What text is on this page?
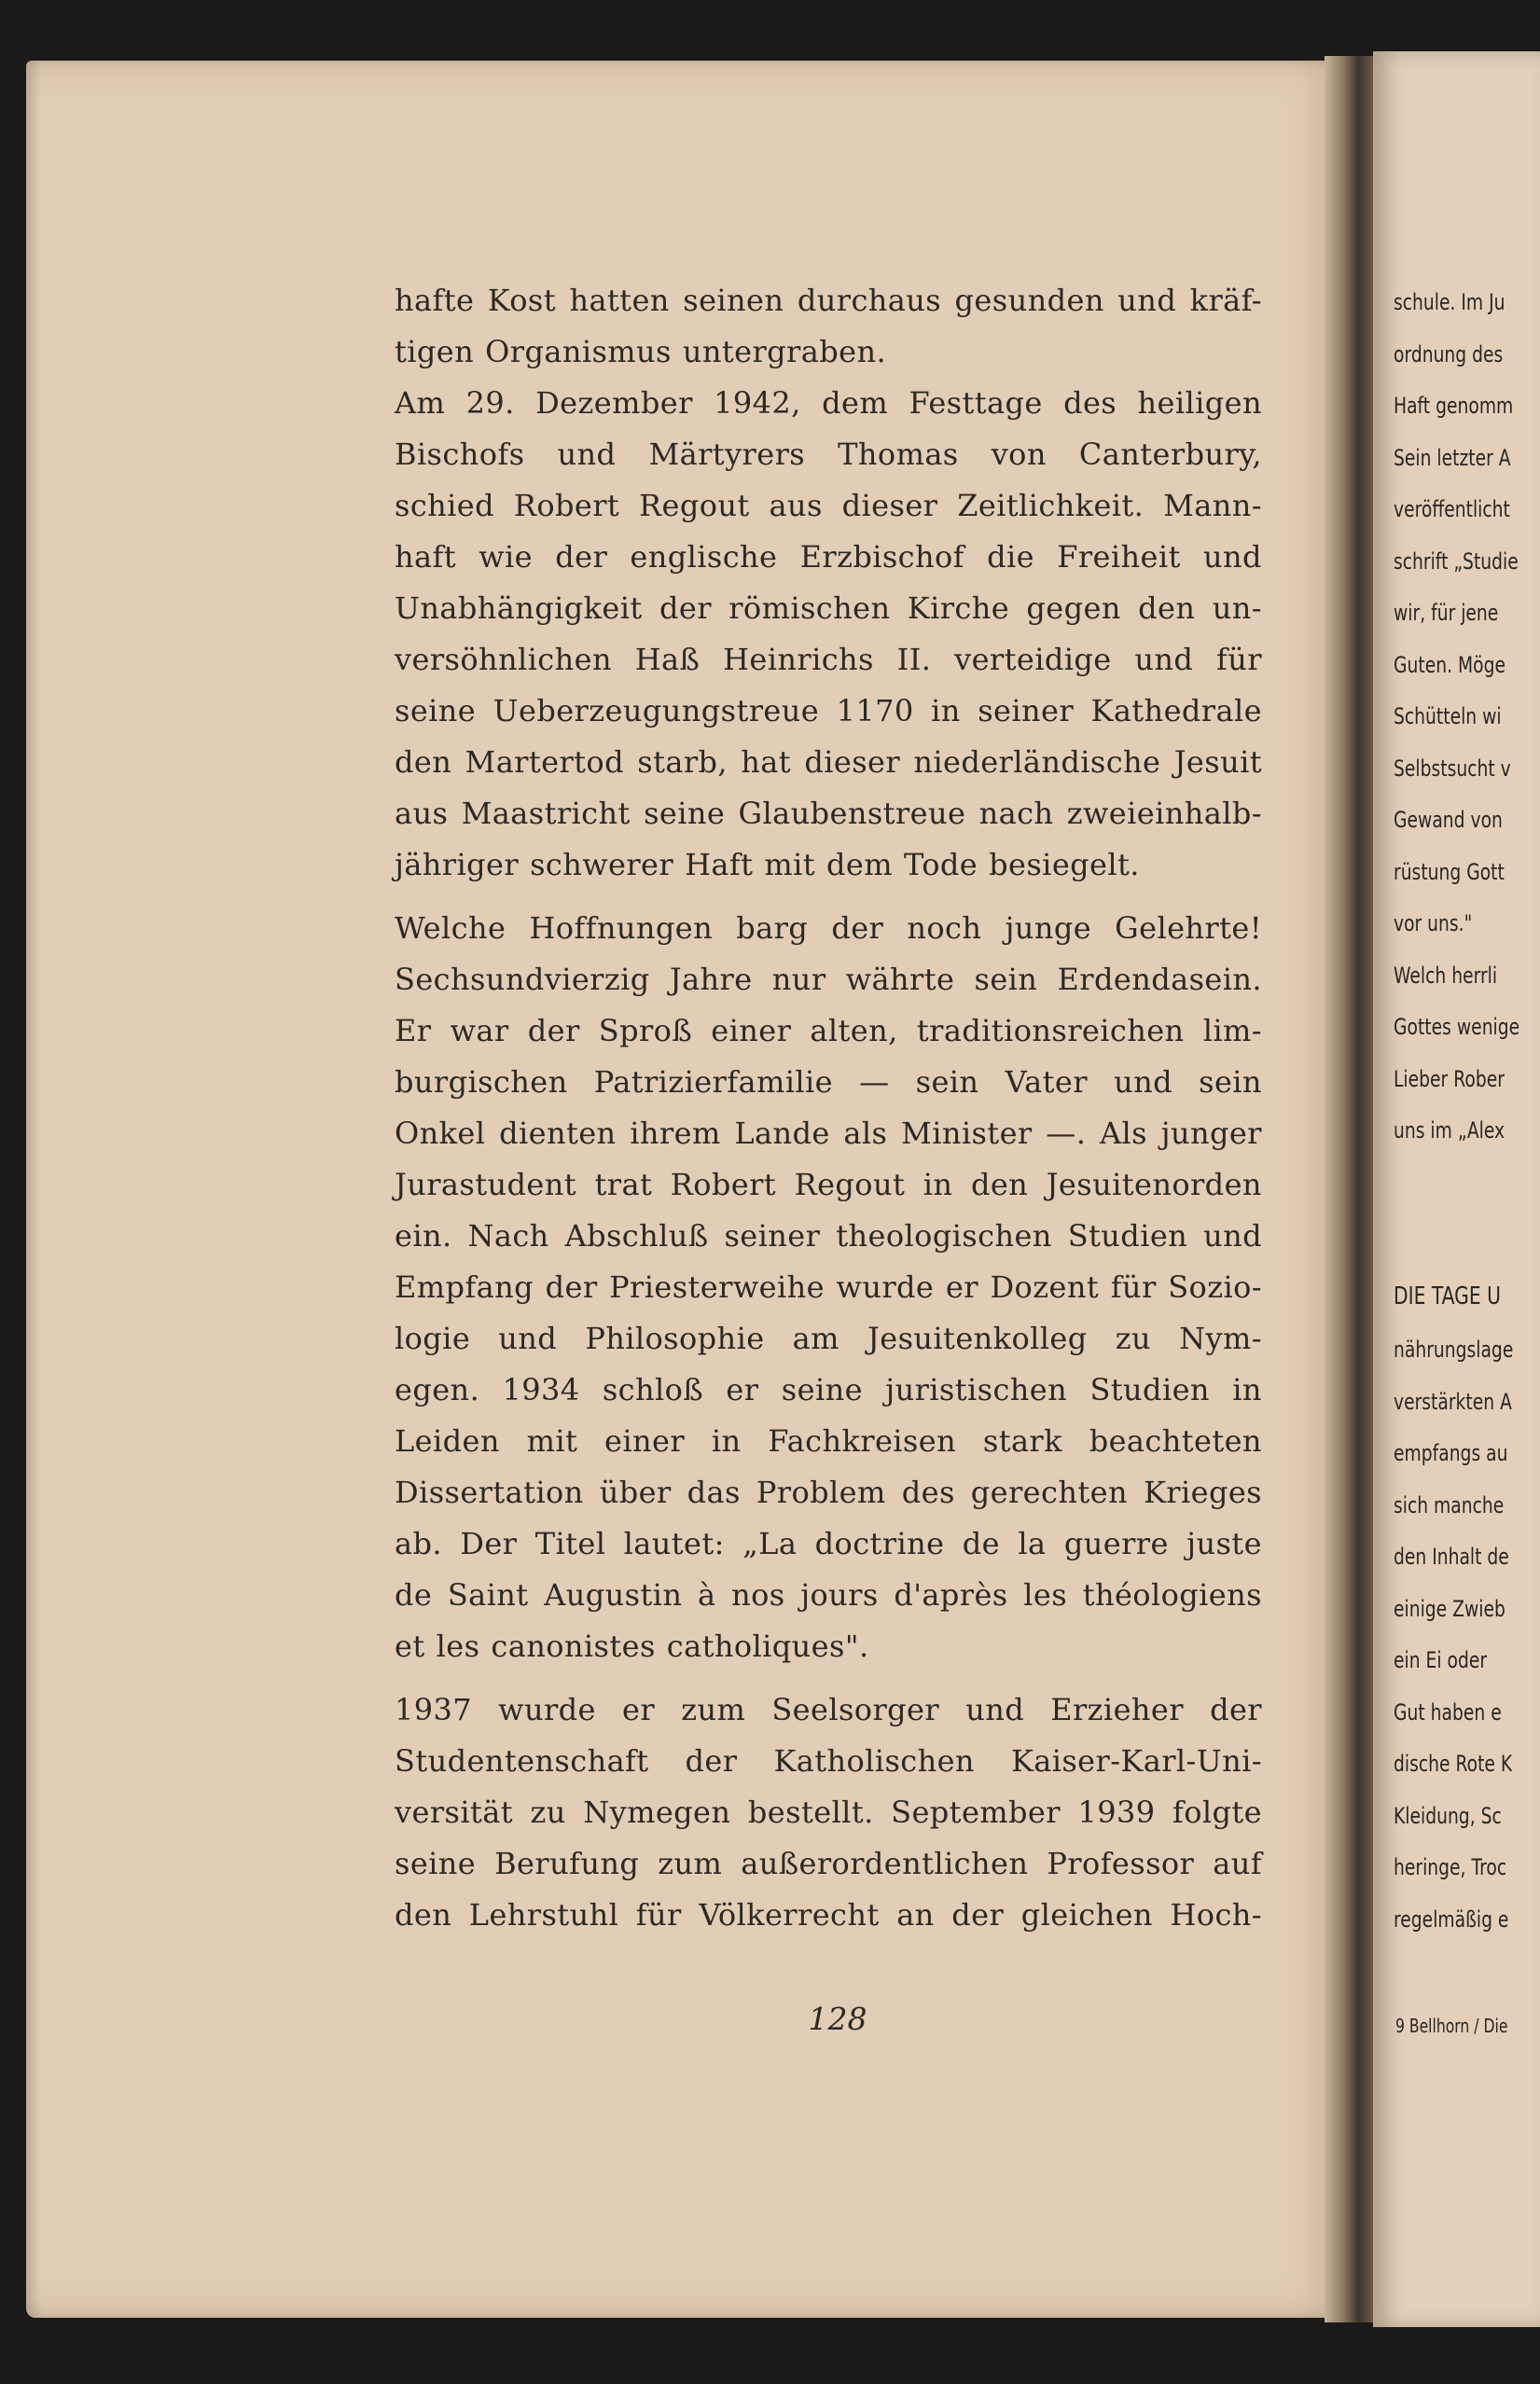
hafte Kost hatten seinen durchaus gesunden und kräf-
tigen Organismus untergraben.
Am 29. Dezember 1942, dem Festtage des heiligen
Bischofs und Märtyrers Thomas von Canterbury,
schied Robert Regout aus dieser Zeitlichkeit. Mann-
haft wie der englische Erzbischof die Freiheit und
Unabhängigkeit der römischen Kirche gegen den un-
versöhnlichen Haß Heinrichs II. verteidige und für
seine Ueberzeugungstreue 1170 in seiner Kathedrale
den Martertod starb, hat dieser niederländische Jesuit
aus Maastricht seine Glaubenstreue nach zweieinhalb-
jähriger schwerer Haft mit dem Tode besiegelt.
Welche Hoffnungen barg der noch junge Gelehrte!
Sechsundvierzig Jahre nur währte sein Erdendasein.
Er war der Sproß einer alten, traditionsreichen lim-
burgischen Patrizierfamilie — sein Vater und sein
Onkel dienten ihrem Lande als Minister —. Als junger
Jurastudent trat Robert Regout in den Jesuitenorden
ein. Nach Abschluß seiner theologischen Studien und
Empfang der Priesterweihe wurde er Dozent für Sozio-
logie und Philosophie am Jesuitenkolleg zu Nym-
egen. 1934 schloß er seine juristischen Studien in
Leiden mit einer in Fachkreisen stark beachteten
Dissertation über das Problem des gerechten Krieges
ab. Der Titel lautet: „La doctrine de la guerre juste
de Saint Augustin à nos jours d'après les théologiens
et les canonistes catholiques".
1937 wurde er zum Seelsorger und Erzieher der
Studentenschaft der Katholischen Kaiser-Karl-Uni-
versität zu Nymegen bestellt. September 1939 folgte
seine Berufung zum außerordentlichen Professor auf
den Lehrstuhl für Völkerrecht an der gleichen Hoch-
128
schule. Im Ju
ordnung des
Haft genomm
Sein letzter A
veröffentlicht
schrift „Studie
wir, für jene
Guten. Möge
Schütteln wi
Selbstsucht v
Gewand von
rüstung Gott
vor uns."
Welch herrli
Gottes wenige
Lieber Rober
uns im „Alex
DIE TAGE U
nährungslage
verstärkten A
empfangs au
sich manche
den Inhalt de
einige Zwieb
ein Ei oder
Gut haben e
dische Rote K
Kleidung, Sc
heringe, Troc
regelmäßig e
9 Bellhorn / Die
